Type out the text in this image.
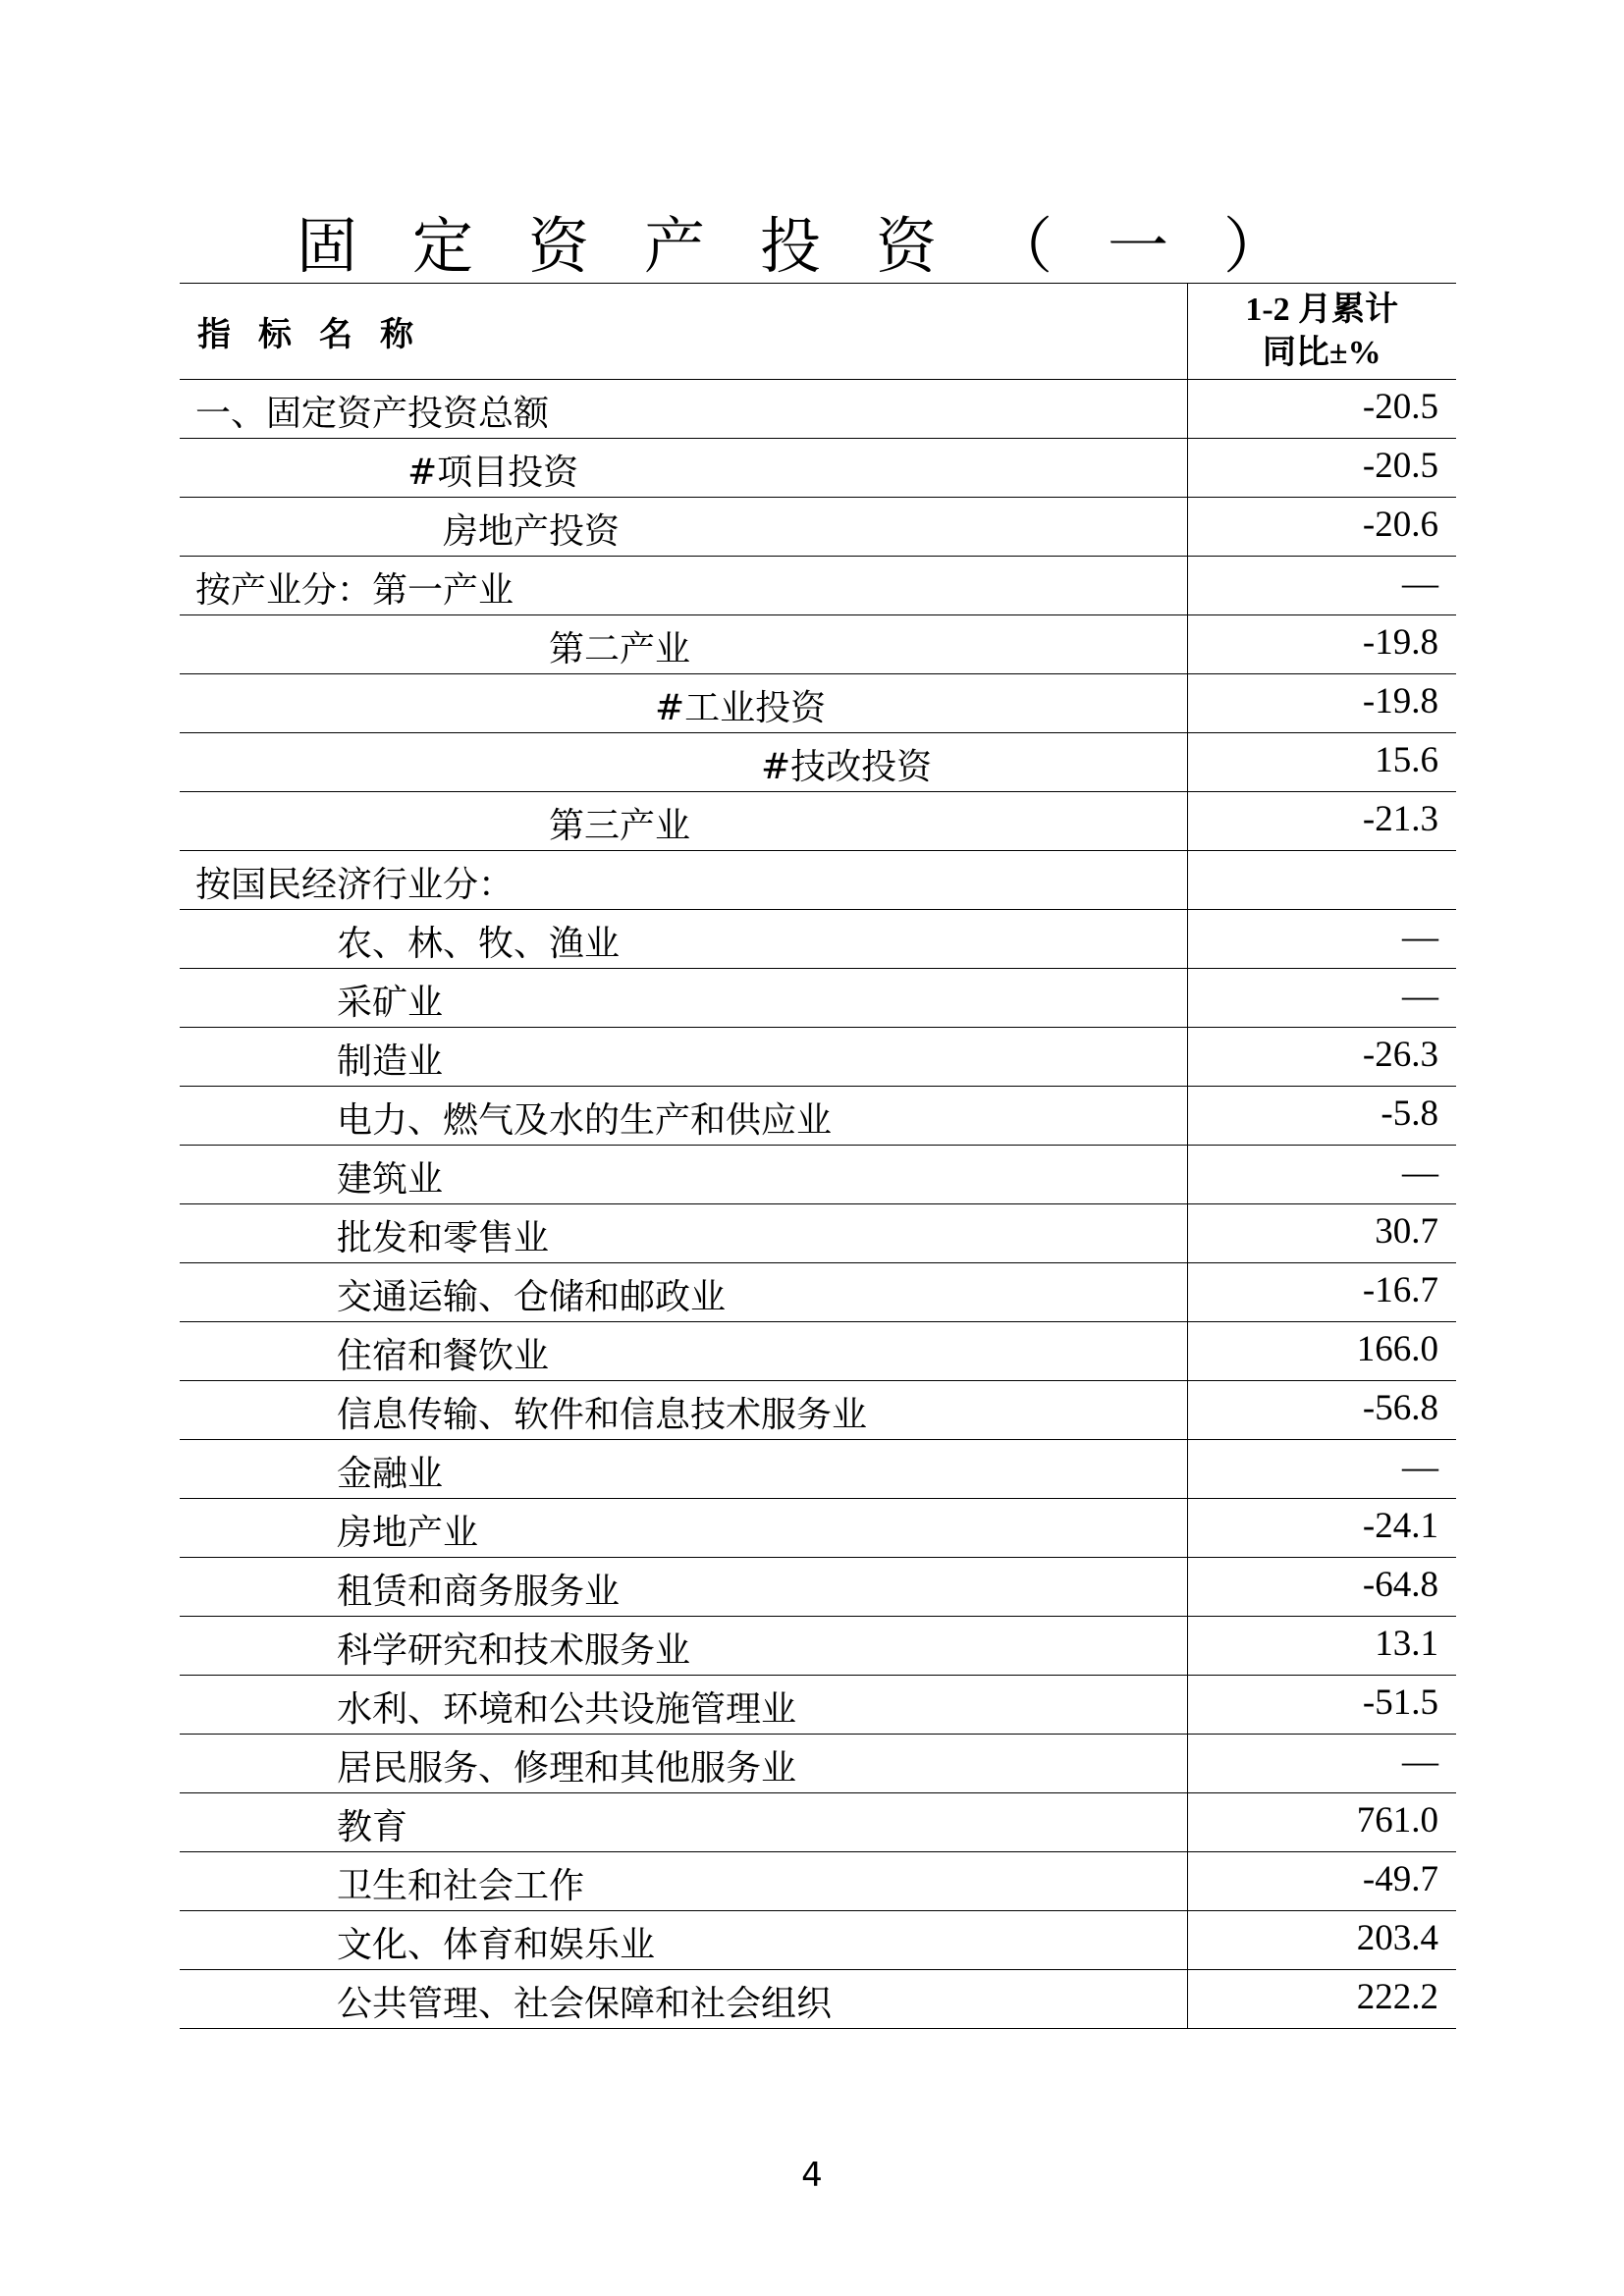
固定资产投资（一）
指标名称	1-2 月累计
同比±%

一、固定资产投资总额	-20.5
#项目投资	-20.5
房地产投资	-20.6
按产业分：第一产业	—
第二产业	-19.8
#工业投资	-19.8
#技改投资	15.6
第三产业	-21.3
按国民经济行业分：	
农、林、牧、渔业	—
采矿业	—
制造业	-26.3
电力、燃气及水的生产和供应业	-5.8
建筑业	—
批发和零售业	30.7
交通运输、仓储和邮政业	-16.7
住宿和餐饮业	166.0
信息传输、软件和信息技术服务业	-56.8
金融业	—
房地产业	-24.1
租赁和商务服务业	-64.8
科学研究和技术服务业	13.1
水利、环境和公共设施管理业	-51.5
居民服务、修理和其他服务业	—
教育	761.0
卫生和社会工作	-49.7
文化、体育和娱乐业	203.4
公共管理、社会保障和社会组织	222.2
4
